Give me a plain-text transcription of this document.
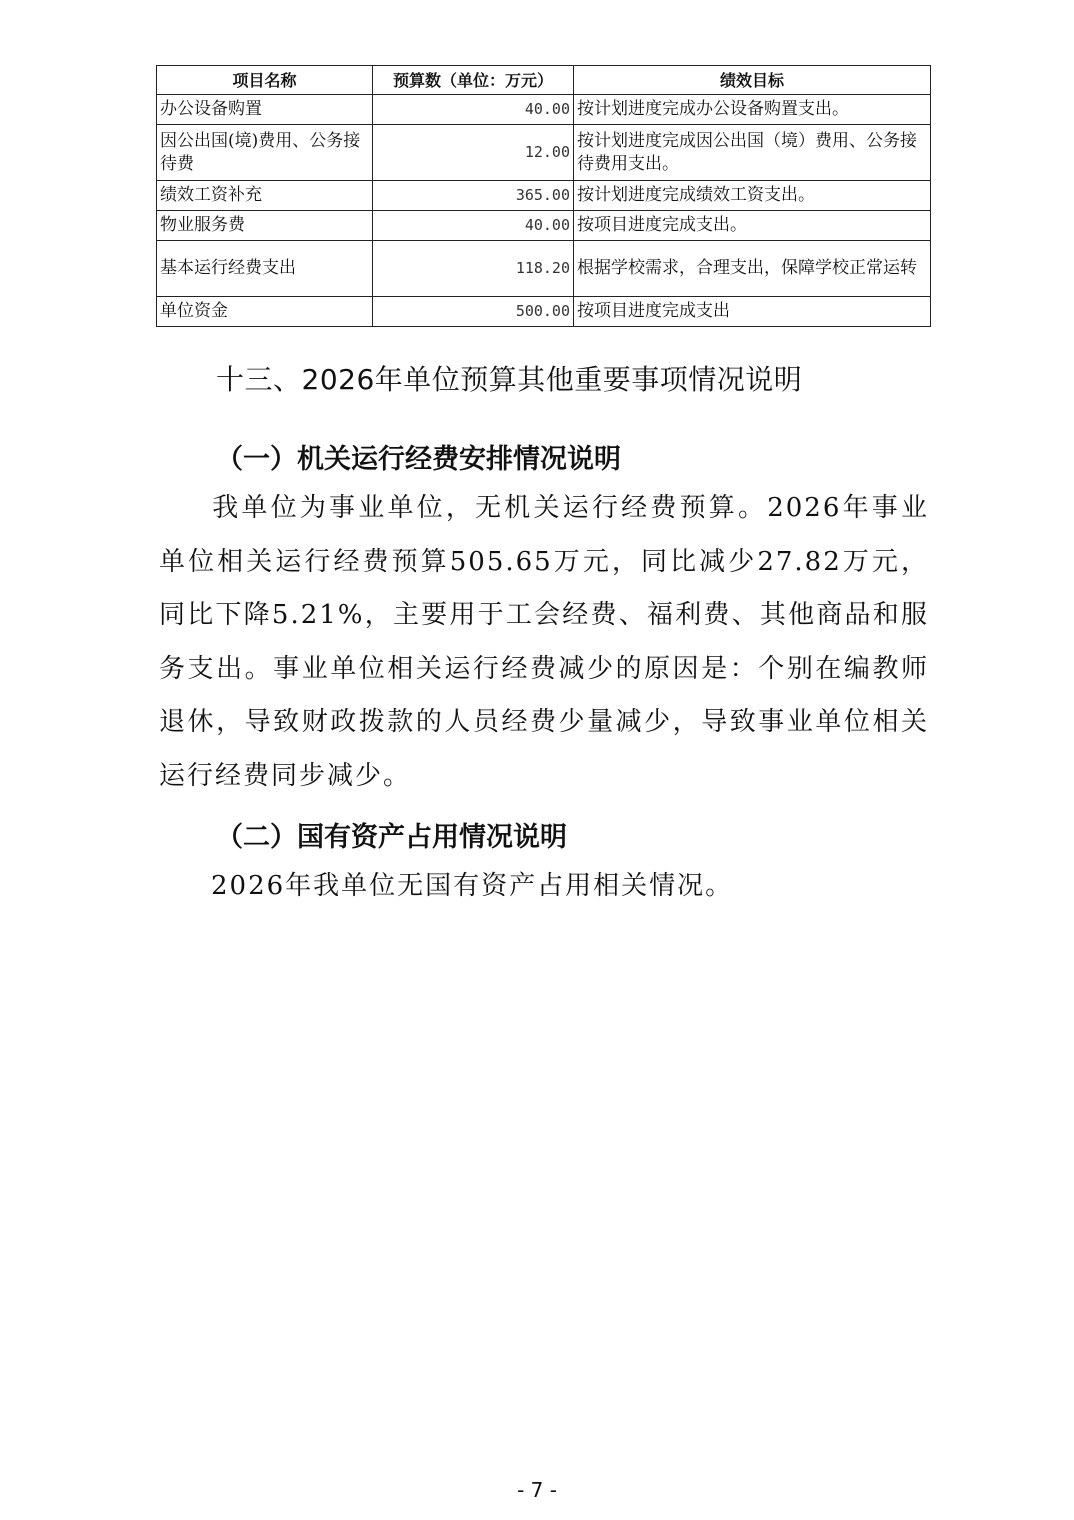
项目名称	预算数（单位：万元）	绩效目标
办公设备购置	40.00	按计划进度完成办公设备购置支出。
因公出国(境)费用、公务接待费	12.00	按计划进度完成因公出国（境）费用、公务接待费用支出。
绩效工资补充	365.00	按计划进度完成绩效工资支出。
物业服务费	40.00	按项目进度完成支出。
基本运行经费支出	118.20	根据学校需求，合理支出，保障学校正常运转
单位资金	500.00	按项目进度完成支出
十三、2026年单位预算其他重要事项情况说明
（一）机关运行经费安排情况说明
我单位为事业单位，无机关运行经费预算。2026年事业单位相关运行经费预算505.65万元，同比减少27.82万元，同比下降5.21%，主要用于工会经费、福利费、其他商品和服务支出。事业单位相关运行经费减少的原因是：个别在编教师退休，导致财政拨款的人员经费少量减少，导致事业单位相关运行经费同步减少。
（二）国有资产占用情况说明
2026年我单位无国有资产占用相关情况。
- 7 -
